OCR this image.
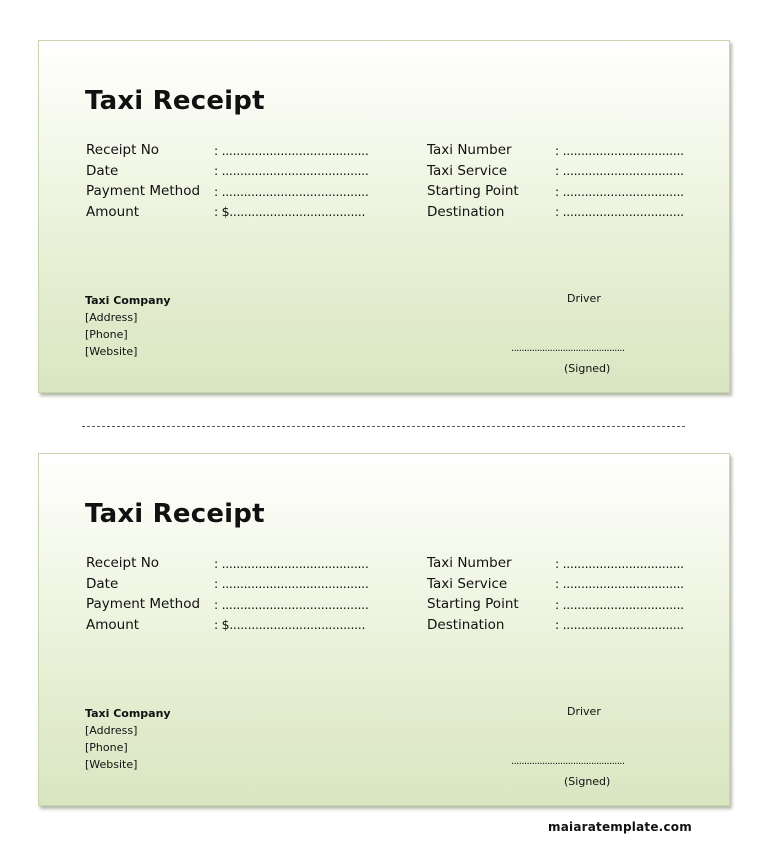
Taxi Receipt
Receipt No	: ........................................
Date	: ........................................
Payment Method	: ........................................
Amount	: $.....................................
Taxi Number	: .................................
Taxi Service	: .................................
Starting Point	: .................................
Destination	: .................................
Taxi Company
[Address]
[Phone]
[Website]
Driver
............................................
(Signed)
Taxi Receipt
Receipt No	: ........................................
Date	: ........................................
Payment Method	: ........................................
Amount	: $.....................................
Taxi Number	: .................................
Taxi Service	: .................................
Starting Point	: .................................
Destination	: .................................
Taxi Company
[Address]
[Phone]
[Website]
Driver
............................................
(Signed)
maiaratemplate.com
